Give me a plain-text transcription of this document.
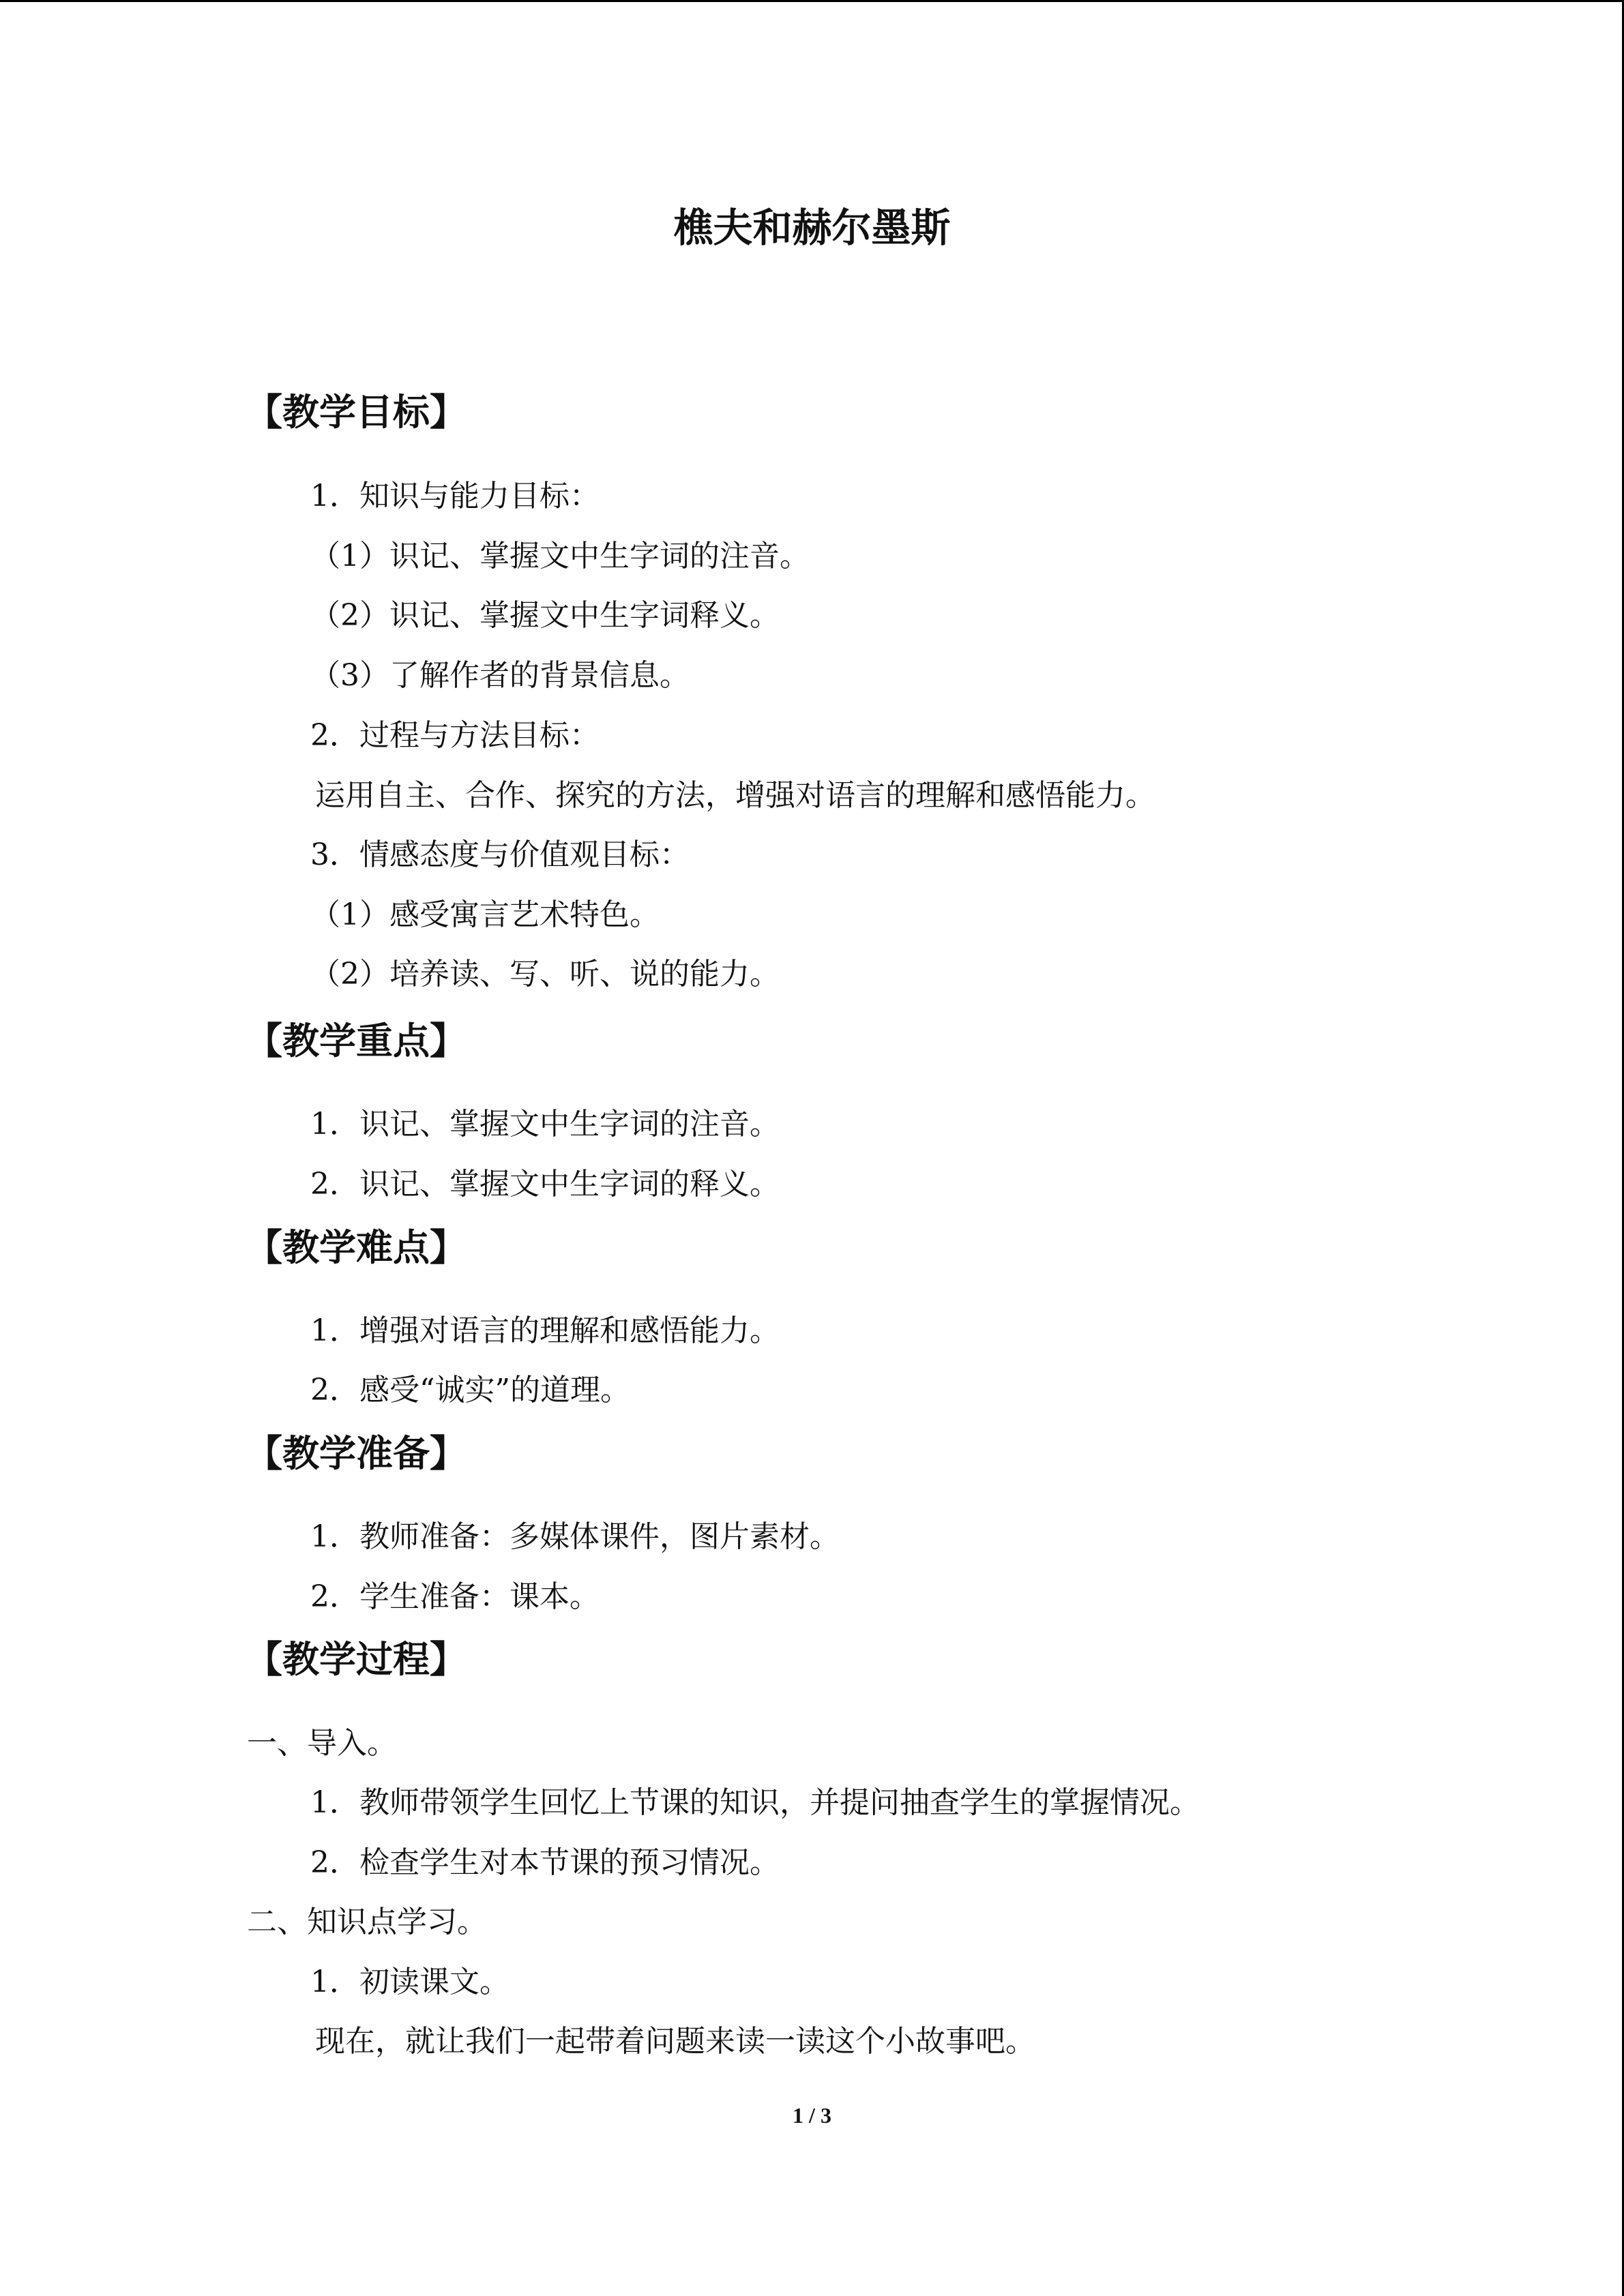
樵夫和赫尔墨斯
【教学目标】

1．知识与能力目标：

（1）识记、掌握文中生字词的注音。

（2）识记、掌握文中生字词释义。

（3）了解作者的背景信息。

2．过程与方法目标：

运用自主、合作、探究的方法，增强对语言的理解和感悟能力。

3．情感态度与价值观目标：

（1）感受寓言艺术特色。

（2）培养读、写、听、说的能力。

【教学重点】

1．识记、掌握文中生字词的注音。

2．识记、掌握文中生字词的释义。

【教学难点】

1．增强对语言的理解和感悟能力。

2．感受“诚实”的道理。

【教学准备】

1．教师准备：多媒体课件，图片素材。

2．学生准备：课本。

【教学过程】

一、导入。

1．教师带领学生回忆上节课的知识，并提问抽查学生的掌握情况。

2．检查学生对本节课的预习情况。

二、知识点学习。

1．初读课文。

现在，就让我们一起带着问题来读一读这个小故事吧。

1 / 3
